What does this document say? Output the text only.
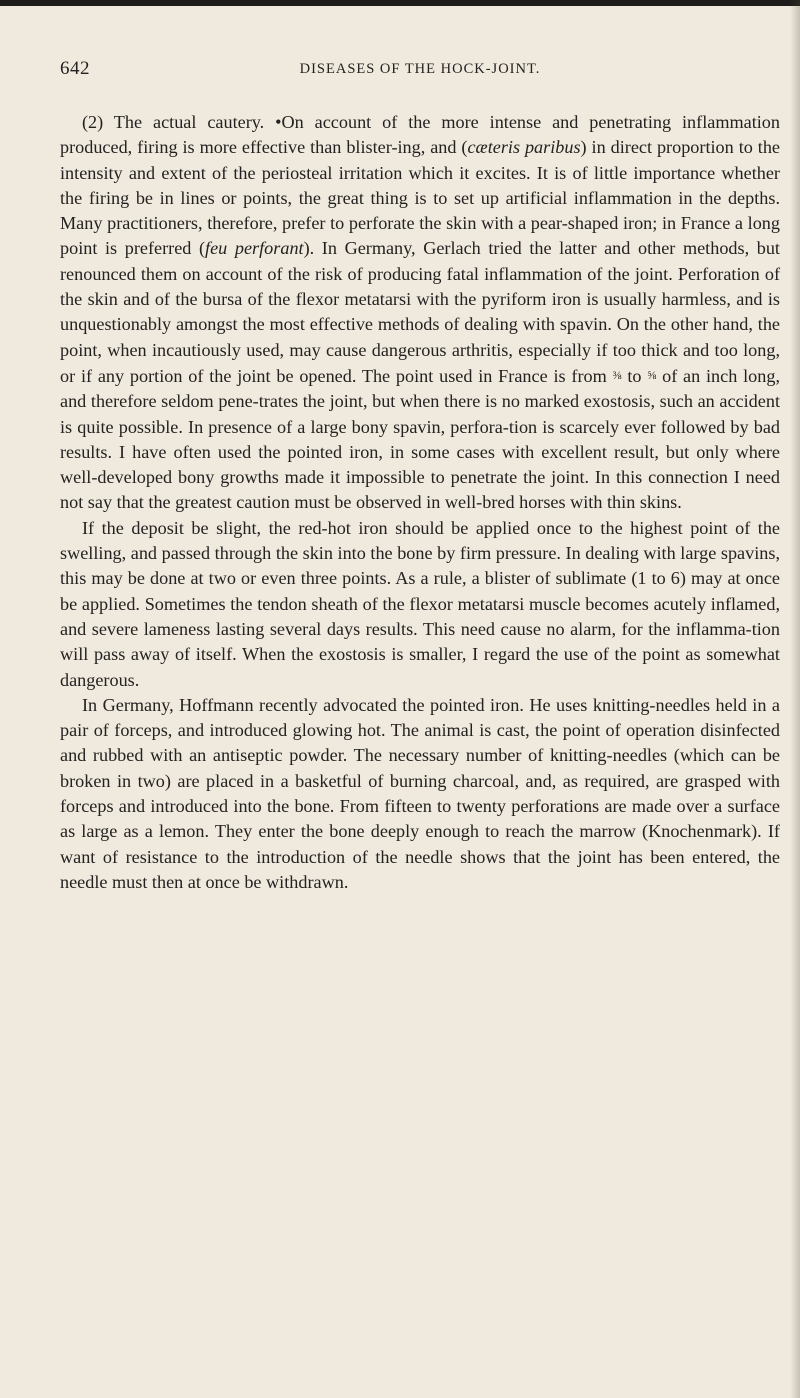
642	DISEASES OF THE HOCK-JOINT.

(2) The actual cautery. •On account of the more intense and penetrating inflammation produced, firing is more effective than blister-ing, and (cæteris paribus) in direct proportion to the intensity and extent of the periosteal irritation which it excites. It is of little importance whether the firing be in lines or points, the great thing is to set up artificial inflammation in the depths. Many practitioners, therefore, prefer to perforate the skin with a pear-shaped iron; in France a long point is preferred (feu perforant). In Germany, Gerlach tried the latter and other methods, but renounced them on account of the risk of producing fatal inflammation of the joint. Perforation of the skin and of the bursa of the flexor metatarsi with the pyriform iron is usually harmless, and is unquestionably amongst the most effective methods of dealing with spavin. On the other hand, the point, when incautiously used, may cause dangerous arthritis, especially if too thick and too long, or if any portion of the joint be opened. The point used in France is from ⅜ to ⅝ of an inch long, and therefore seldom pene-trates the joint, but when there is no marked exostosis, such an accident is quite possible. In presence of a large bony spavin, perfora-tion is scarcely ever followed by bad results. I have often used the pointed iron, in some cases with excellent result, but only where well-developed bony growths made it impossible to penetrate the joint. In this connection I need not say that the greatest caution must be observed in well-bred horses with thin skins.

If the deposit be slight, the red-hot iron should be applied once to the highest point of the swelling, and passed through the skin into the bone by firm pressure. In dealing with large spavins, this may be done at two or even three points. As a rule, a blister of sublimate (1 to 6) may at once be applied. Sometimes the tendon sheath of the flexor metatarsi muscle becomes acutely inflamed, and severe lameness lasting several days results. This need cause no alarm, for the inflamma-tion will pass away of itself. When the exostosis is smaller, I regard the use of the point as somewhat dangerous.

In Germany, Hoffmann recently advocated the pointed iron. He uses knitting-needles held in a pair of forceps, and introduced glowing hot. The animal is cast, the point of operation disinfected and rubbed with an antiseptic powder. The necessary number of knitting-needles (which can be broken in two) are placed in a basketful of burning charcoal, and, as required, are grasped with forceps and introduced into the bone. From fifteen to twenty perforations are made over a surface as large as a lemon. They enter the bone deeply enough to reach the marrow (Knochenmark). If want of resistance to the introduction of the needle shows that the joint has been entered, the needle must then at once be withdrawn.
